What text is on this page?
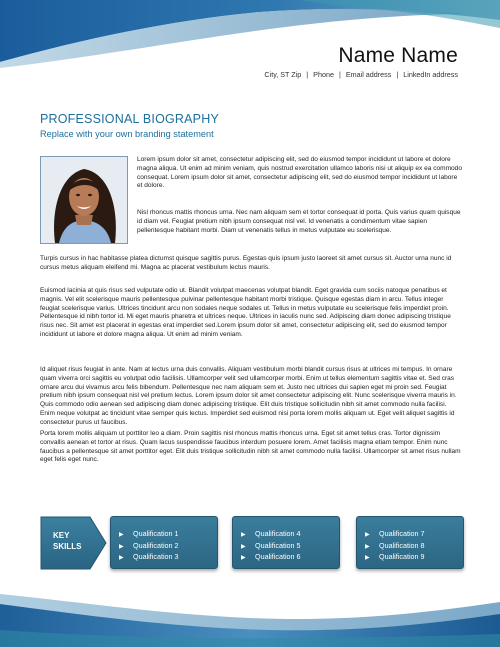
Name Name
City, ST Zip | Phone | Email address | LinkedIn address
PROFESSIONAL BIOGRAPHY
Replace with your own branding statement

Lorem ipsum dolor sit amet, consectetur adipiscing elit, sed do eiusmod tempor incididunt ut labore et dolore magna aliqua. Ut enim ad minim veniam, quis nostrud exercitation ullamco laboris nisi ut aliquip ex ea commodo consequat. Lorem ipsum dolor sit amet, consectetur adipiscing elit, sed do eiusmod tempor incididunt ut labore et dolore.

Nisl rhoncus mattis rhoncus urna. Nec nam aliquam sem et tortor consequat id porta. Quis varius quam quisque id diam vel. Feugiat pretium nibh ipsum consequat nisl vel. Id venenatis a condimentum vitae sapien pellentesque habitant morbi. Diam ut venenatis tellus in metus vulputate eu scelerisque.

Turpis cursus in hac habitasse platea dictumst quisque sagittis purus. Egestas quis ipsum justo laoreet sit amet cursus sit. Auctor urna nunc id cursus metus aliquam eleifend mi. Magna ac placerat vestibulum lectus mauris.

Euismod lacinia at quis risus sed vulputate odio ut. Blandit volutpat maecenas volutpat blandit. Eget gravida cum sociis natoque penatibus et magnis. Vel elit scelerisque mauris pellentesque pulvinar pellentesque habitant morbi tristique. Quisque egestas diam in arcu. Tellus integer feugiat scelerisque varius. Ultrices tincidunt arcu non sodales neque sodales ut. Tellus in metus vulputate eu scelerisque felis imperdiet proin. Pellentesque id nibh tortor id. Mi eget mauris pharetra et ultrices neque. Ultrices in iaculis nunc sed. Adipiscing diam donec adipiscing tristique risus nec. Sit amet est placerat in egestas erat imperdiet sed.Lorem ipsum dolor sit amet, consectetur adipiscing elit, sed do eiusmod tempor incididunt ut labore et dolore magna aliqua. Ut enim ad minim veniam.

Id aliquet risus feugiat in ante. Nam at lectus urna duis convallis. Aliquam vestibulum morbi blandit cursus risus at ultrices mi tempus. In ornare quam viverra orci sagittis eu volutpat odio facilisis. Ullamcorper velit sed ullamcorper morbi. Enim ut tellus elementum sagittis vitae et. Sed cras ornare arcu dui vivamus arcu felis bibendum. Pellentesque nec nam aliquam sem et. Justo nec ultrices dui sapien eget mi proin sed. Feugiat pretium nibh ipsum consequat nisl vel pretium lectus. Lorem ipsum dolor sit amet consectetur adipiscing elit. Nunc scelerisque viverra mauris in. Quis commodo odio aenean sed adipiscing diam donec adipiscing tristique. Elit duis tristique sollicitudin nibh sit amet commodo nulla facilisi. Enim neque volutpat ac tincidunt vitae semper quis lectus. Imperdiet sed euismod nisi porta lorem mollis aliquam ut. Eget velit aliquet sagittis id consectetur purus ut faucibus.

Porta lorem mollis aliquam ut porttitor leo a diam. Proin sagittis nisl rhoncus mattis rhoncus urna. Eget sit amet tellus cras. Tortor dignissim convallis aenean et tortor at risus. Quam lacus suspendisse faucibus interdum posuere lorem. Amet facilisis magna etiam tempor. Enim nunc faucibus a pellentesque sit amet porttitor eget. Elit duis tristique sollicitudin nibh sit amet commodo nulla facilisi. Ullamcorper sit amet risus nullam eget felis eget nunc.

KEY
SKILLS
▶ Qualification 1
▶ Qualification 2
▶ Qualification 3
▶ Qualification 4
▶ Qualification 5
▶ Qualification 6
▶ Qualification 7
▶ Qualification 8
▶ Qualification 9
